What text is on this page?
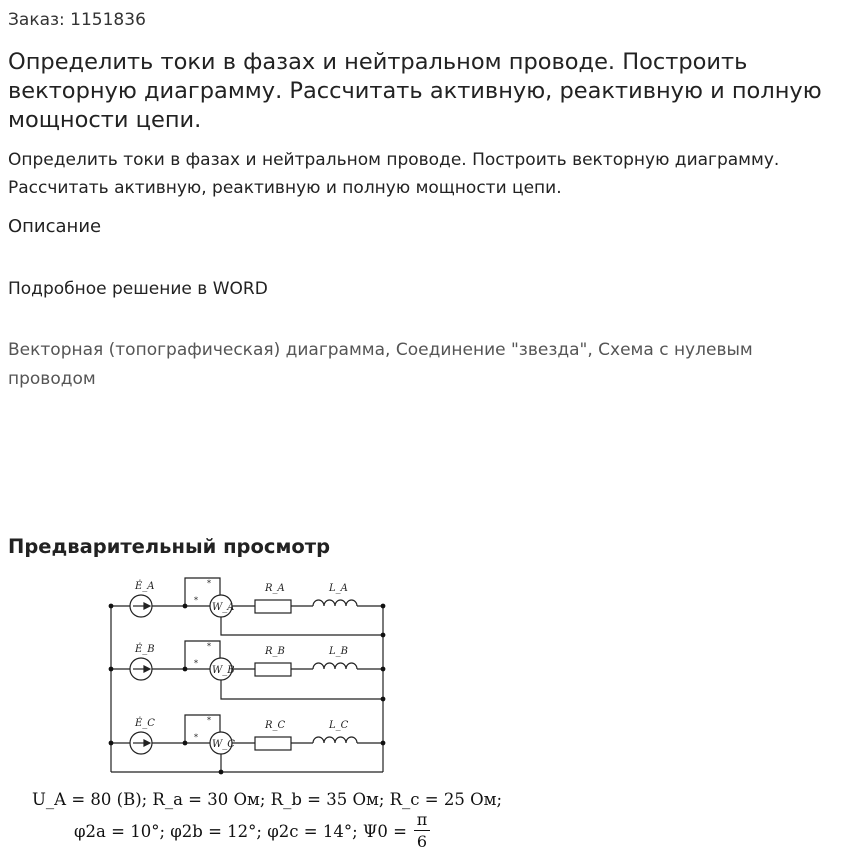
Заказ: 1151836
Определить токи в фазах и нейтральном проводе. Построить векторную диаграмму. Рассчитать активную, реактивную и полную мощности цепи.
Определить токи в фазах и нейтральном проводе. Построить векторную диаграмму. Рассчитать активную, реактивную и полную мощности цепи.
Описание
Подробное решение в WORD
Векторная (топографическая) диаграмма, Соединение "звезда", Схема с нулевым проводом
Предварительный просмотр
Ė_A
Ė_B
Ė_C
W_A
W_B
W_C
R_A
R_B
R_C
L_A
L_B
L_C
*
*
*
*
*
*
U_A = 80 (В); R_a = 30 Ом; R_b = 35 Ом; R_c = 25 Ом;
φ2a = 10°; φ2b = 12°; φ2c = 14°; Ψ0 =
π
6
